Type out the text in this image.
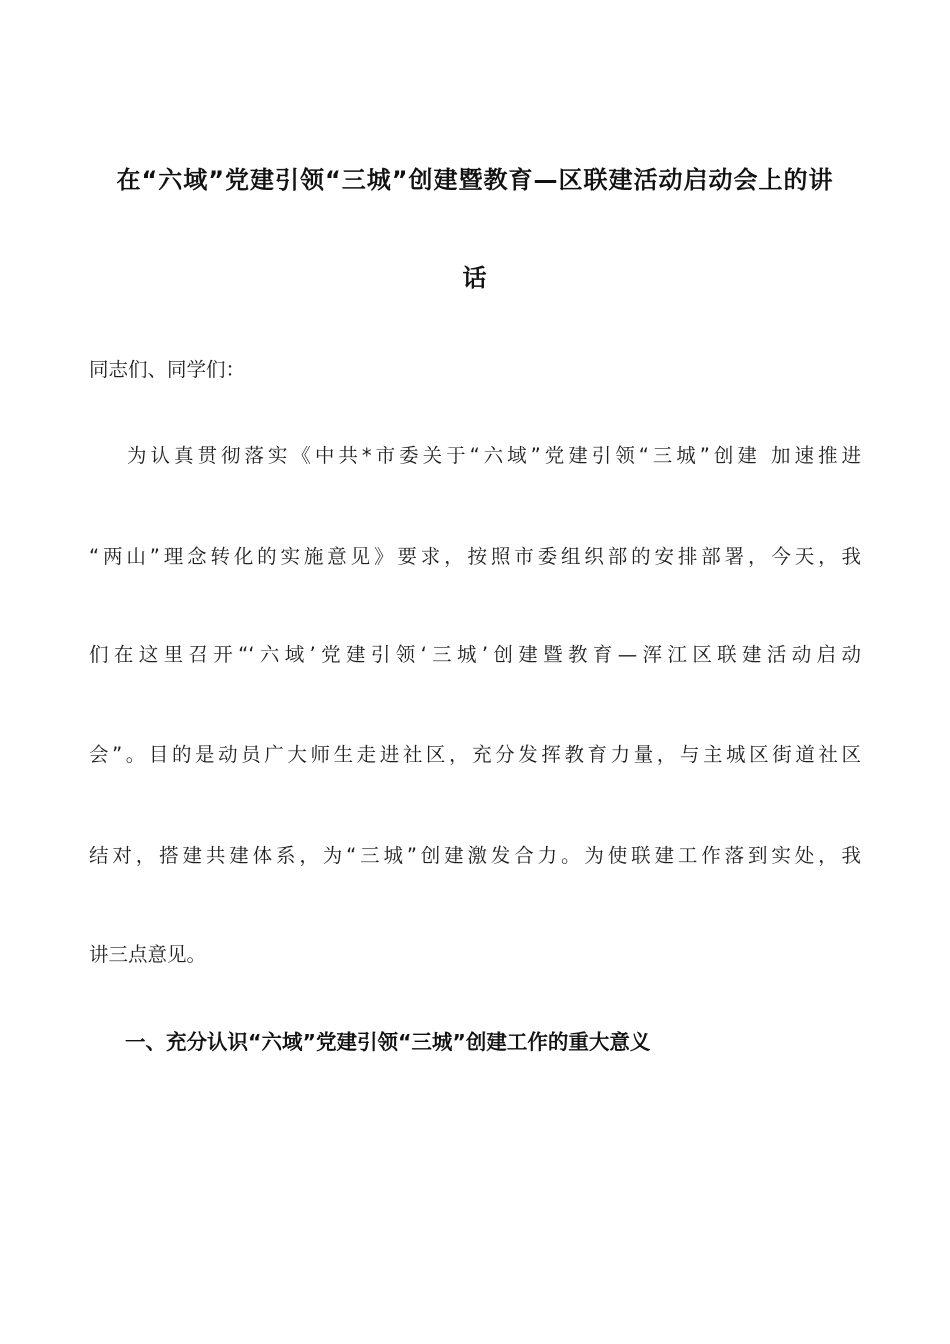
在“六域”党建引领“三城”创建暨教育—区联建活动启动会上的讲
话
同志们、同学们：
为认真贯彻落实《中共*市委关于“六域”党建引领“三城”创建 加速推进
“两山”理念转化的实施意见》要求，按照市委组织部的安排部署，今天，我
们在这里召开“‘六域’党建引领‘三城’创建暨教育—浑江区联建活动启动
会”。目的是动员广大师生走进社区，充分发挥教育力量，与主城区街道社区
结对，搭建共建体系，为“三城”创建激发合力。为使联建工作落到实处，我
讲三点意见。
一、充分认识“六域”党建引领“三城”创建工作的重大意义
